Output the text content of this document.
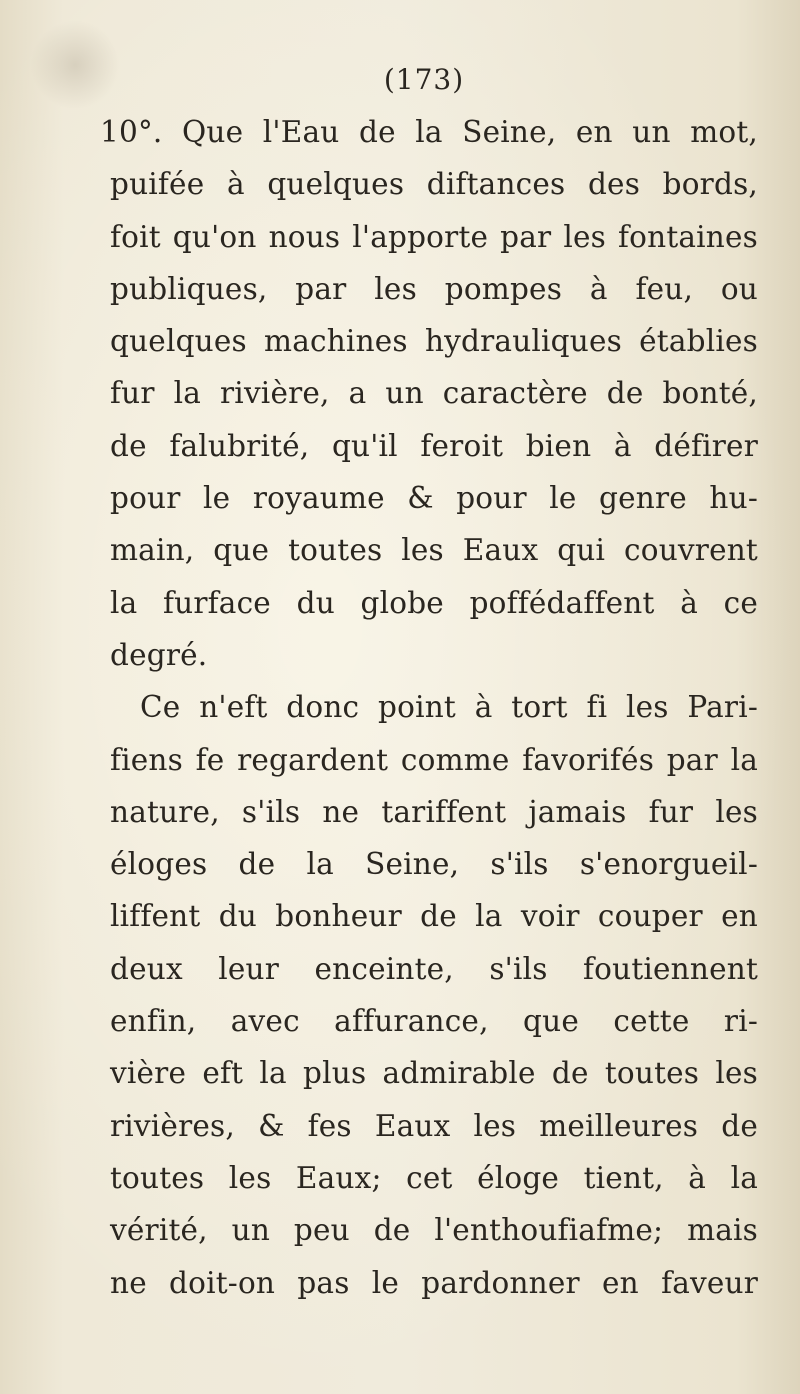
(173)
10°. Que l'Eau de la Seine, en un mot,
puifée à quelques diftances des bords,
foit qu'on nous l'apporte par les fontaines
publiques, par les pompes à feu, ou
quelques machines hydrauliques établies
fur la rivière, a un caractère de bonté,
de falubrité, qu'il feroit bien à défirer
pour le royaume & pour le genre hu-
main, que toutes les Eaux qui couvrent
la furface du globe poffédaffent à ce
degré.
Ce n'eft donc point à tort fi les Pari-
fiens fe regardent comme favorifés par la
nature, s'ils ne tariffent jamais fur les
éloges de la Seine, s'ils s'enorgueil-
liffent du bonheur de la voir couper en
deux leur enceinte, s'ils foutiennent
enfin, avec affurance, que cette ri-
vière eft la plus admirable de toutes les
rivières, & fes Eaux les meilleures de
toutes les Eaux; cet éloge tient, à la
vérité, un peu de l'enthoufiafme; mais
ne doit-on pas le pardonner en faveur
